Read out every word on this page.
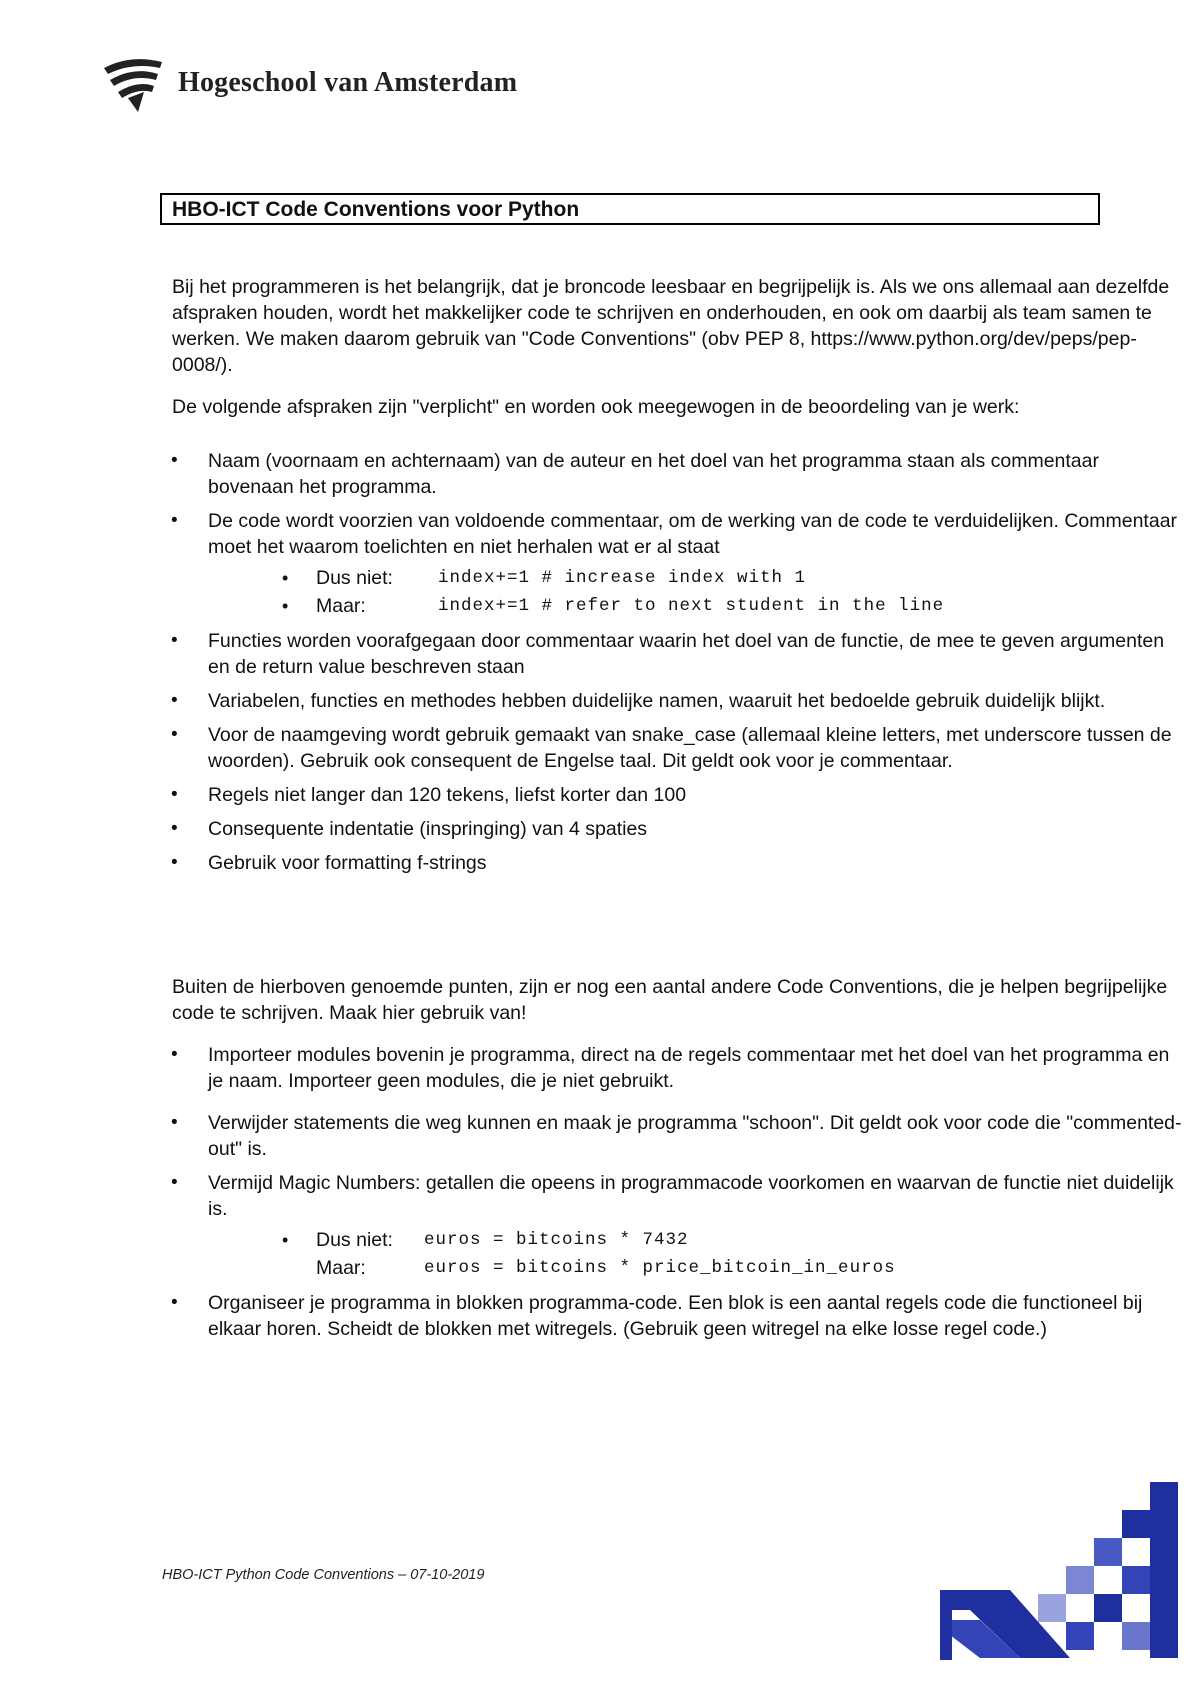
Hogeschool van Amsterdam
HBO-ICT Code Conventions voor Python

Bij het programmeren is het belangrijk, dat je broncode leesbaar en begrijpelijk is. Als we ons allemaal aan dezelfde afspraken houden, wordt het makkelijker code te schrijven en onderhouden, en ook om daarbij als team samen te werken. We maken daarom gebruik van "Code Conventions" (obv PEP 8, https://www.python.org/dev/peps/pep-0008/).

De volgende afspraken zijn "verplicht" en worden ook meegewogen in de beoordeling van je werk:

• Naam (voornaam en achternaam) van de auteur en het doel van het programma staan als commentaar bovenaan het programma.
• De code wordt voorzien van voldoende commentaar, om de werking van de code te verduidelijken. Commentaar moet het waarom toelichten en niet herhalen wat er al staat
• Dus niet:	index+=1 # increase index with 1
• Maar:	index+=1 # refer to next student in the line
• Functies worden voorafgegaan door commentaar waarin het doel van de functie, de mee te geven argumenten en de return value beschreven staan
• Variabelen, functies en methodes hebben duidelijke namen, waaruit het bedoelde gebruik duidelijk blijkt.
• Voor de naamgeving wordt gebruik gemaakt van snake_case (allemaal kleine letters, met underscore tussen de woorden). Gebruik ook consequent de Engelse taal. Dit geldt ook voor je commentaar.
• Regels niet langer dan 120 tekens, liefst korter dan 100
• Consequente indentatie (inspringing) van 4 spaties
• Gebruik voor formatting f-strings

Buiten de hierboven genoemde punten, zijn er nog een aantal andere Code Conventions, die je helpen begrijpelijke code te schrijven. Maak hier gebruik van!

• Importeer modules bovenin je programma, direct na de regels commentaar met het doel van het programma en je naam. Importeer geen modules, die je niet gebruikt.
• Verwijder statements die weg kunnen en maak je programma "schoon". Dit geldt ook voor code die "commented-out" is.
• Vermijd Magic Numbers: getallen die opeens in programmacode voorkomen en waarvan de functie niet duidelijk is.
• Dus niet: euros = bitcoins * 7432
Maar:	euros = bitcoins * price_bitcoin_in_euros
• Organiseer je programma in blokken programma-code. Een blok is een aantal regels code die functioneel bij elkaar horen. Scheidt de blokken met witregels. (Gebruik geen witregel na elke losse regel code.)
HBO-ICT Python Code Conventions – 07-10-2019
